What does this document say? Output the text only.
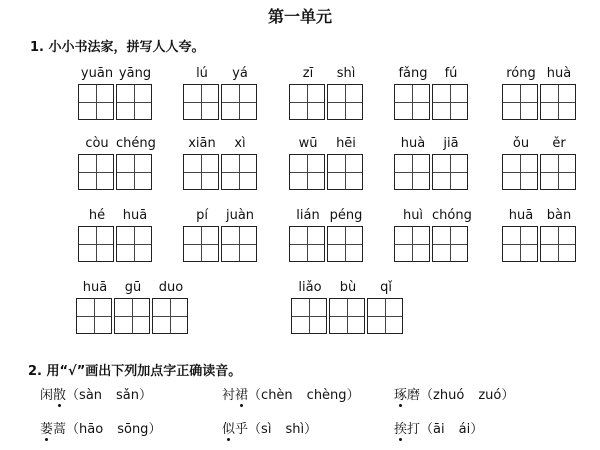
第一单元
1. 小小书法家，拼写人人夸。
yuān yāng	lú	yá	zī	shì	fǎng	fú	róng huà
còu chéng	xiān	xì	wū	hēi	huà	jiā	ǒu	ěr
hé	huā	pí	juàn	lián péng	huì chóng	huā	bàn
huā	gū	duo	liǎo	bù	qǐ
2. 用“√”画出下列加点字正确读音。
闲散（sàn sǎn）	衬裙（chèn chèng）	琢磨（zhuó zuó）
蒌蒿（hāo sōng）	似乎（sì shì）	挨打（āi ái）
